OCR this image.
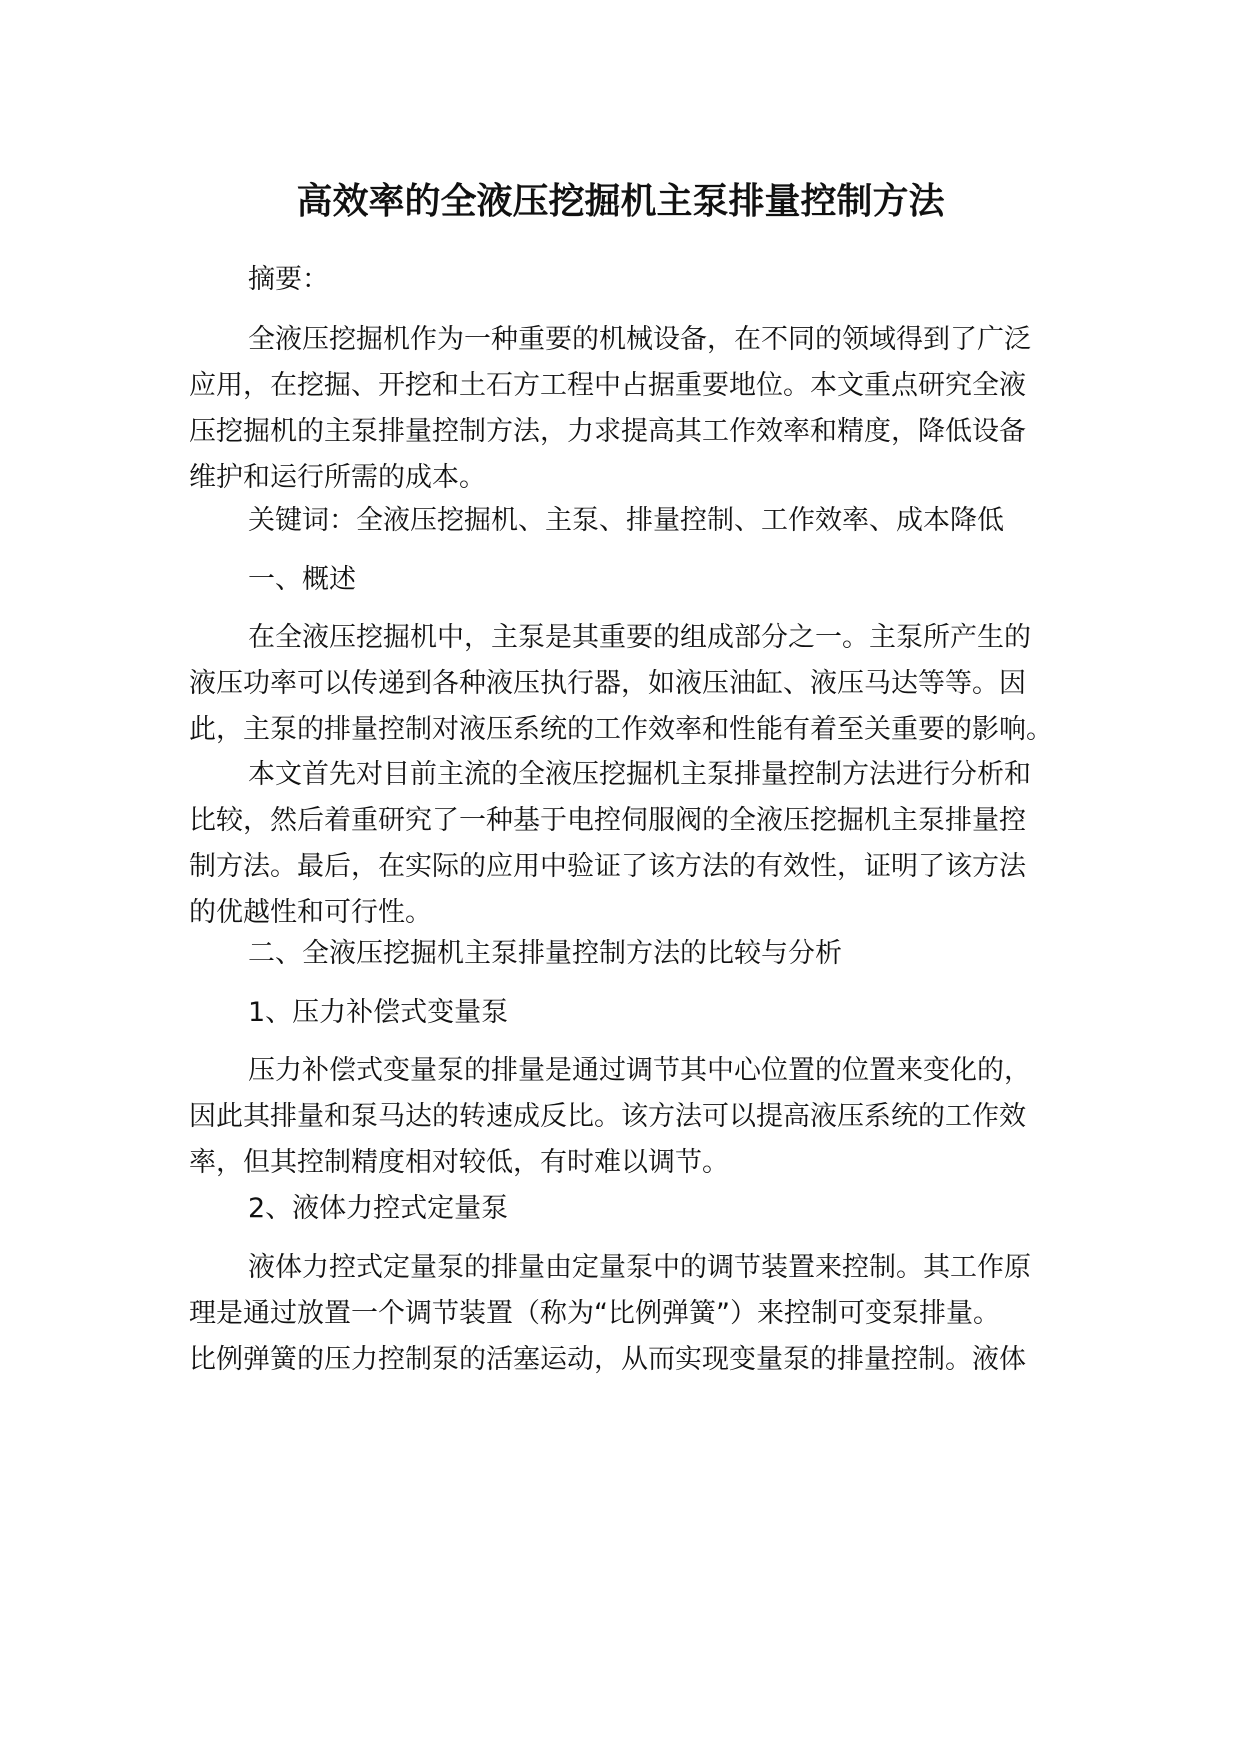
高效率的全液压挖掘机主泵排量控制方法
摘要：
全液压挖掘机作为一种重要的机械设备，在不同的领域得到了广泛
应用，在挖掘、开挖和土石方工程中占据重要地位。本文重点研究全液
压挖掘机的主泵排量控制方法，力求提高其工作效率和精度，降低设备
维护和运行所需的成本。
关键词：全液压挖掘机、主泵、排量控制、工作效率、成本降低
一、概述
在全液压挖掘机中，主泵是其重要的组成部分之一。主泵所产生的
液压功率可以传递到各种液压执行器，如液压油缸、液压马达等等。因
此，主泵的排量控制对液压系统的工作效率和性能有着至关重要的影响。
本文首先对目前主流的全液压挖掘机主泵排量控制方法进行分析和
比较，然后着重研究了一种基于电控伺服阀的全液压挖掘机主泵排量控
制方法。最后，在实际的应用中验证了该方法的有效性，证明了该方法
的优越性和可行性。
二、全液压挖掘机主泵排量控制方法的比较与分析
1、压力补偿式变量泵
压力补偿式变量泵的排量是通过调节其中心位置的位置来变化的，
因此其排量和泵马达的转速成反比。该方法可以提高液压系统的工作效
率，但其控制精度相对较低，有时难以调节。
2、液体力控式定量泵
液体力控式定量泵的排量由定量泵中的调节装置来控制。其工作原
理是通过放置一个调节装置（称为“比例弹簧”）来控制可变泵排量。
比例弹簧的压力控制泵的活塞运动，从而实现变量泵的排量控制。液体
